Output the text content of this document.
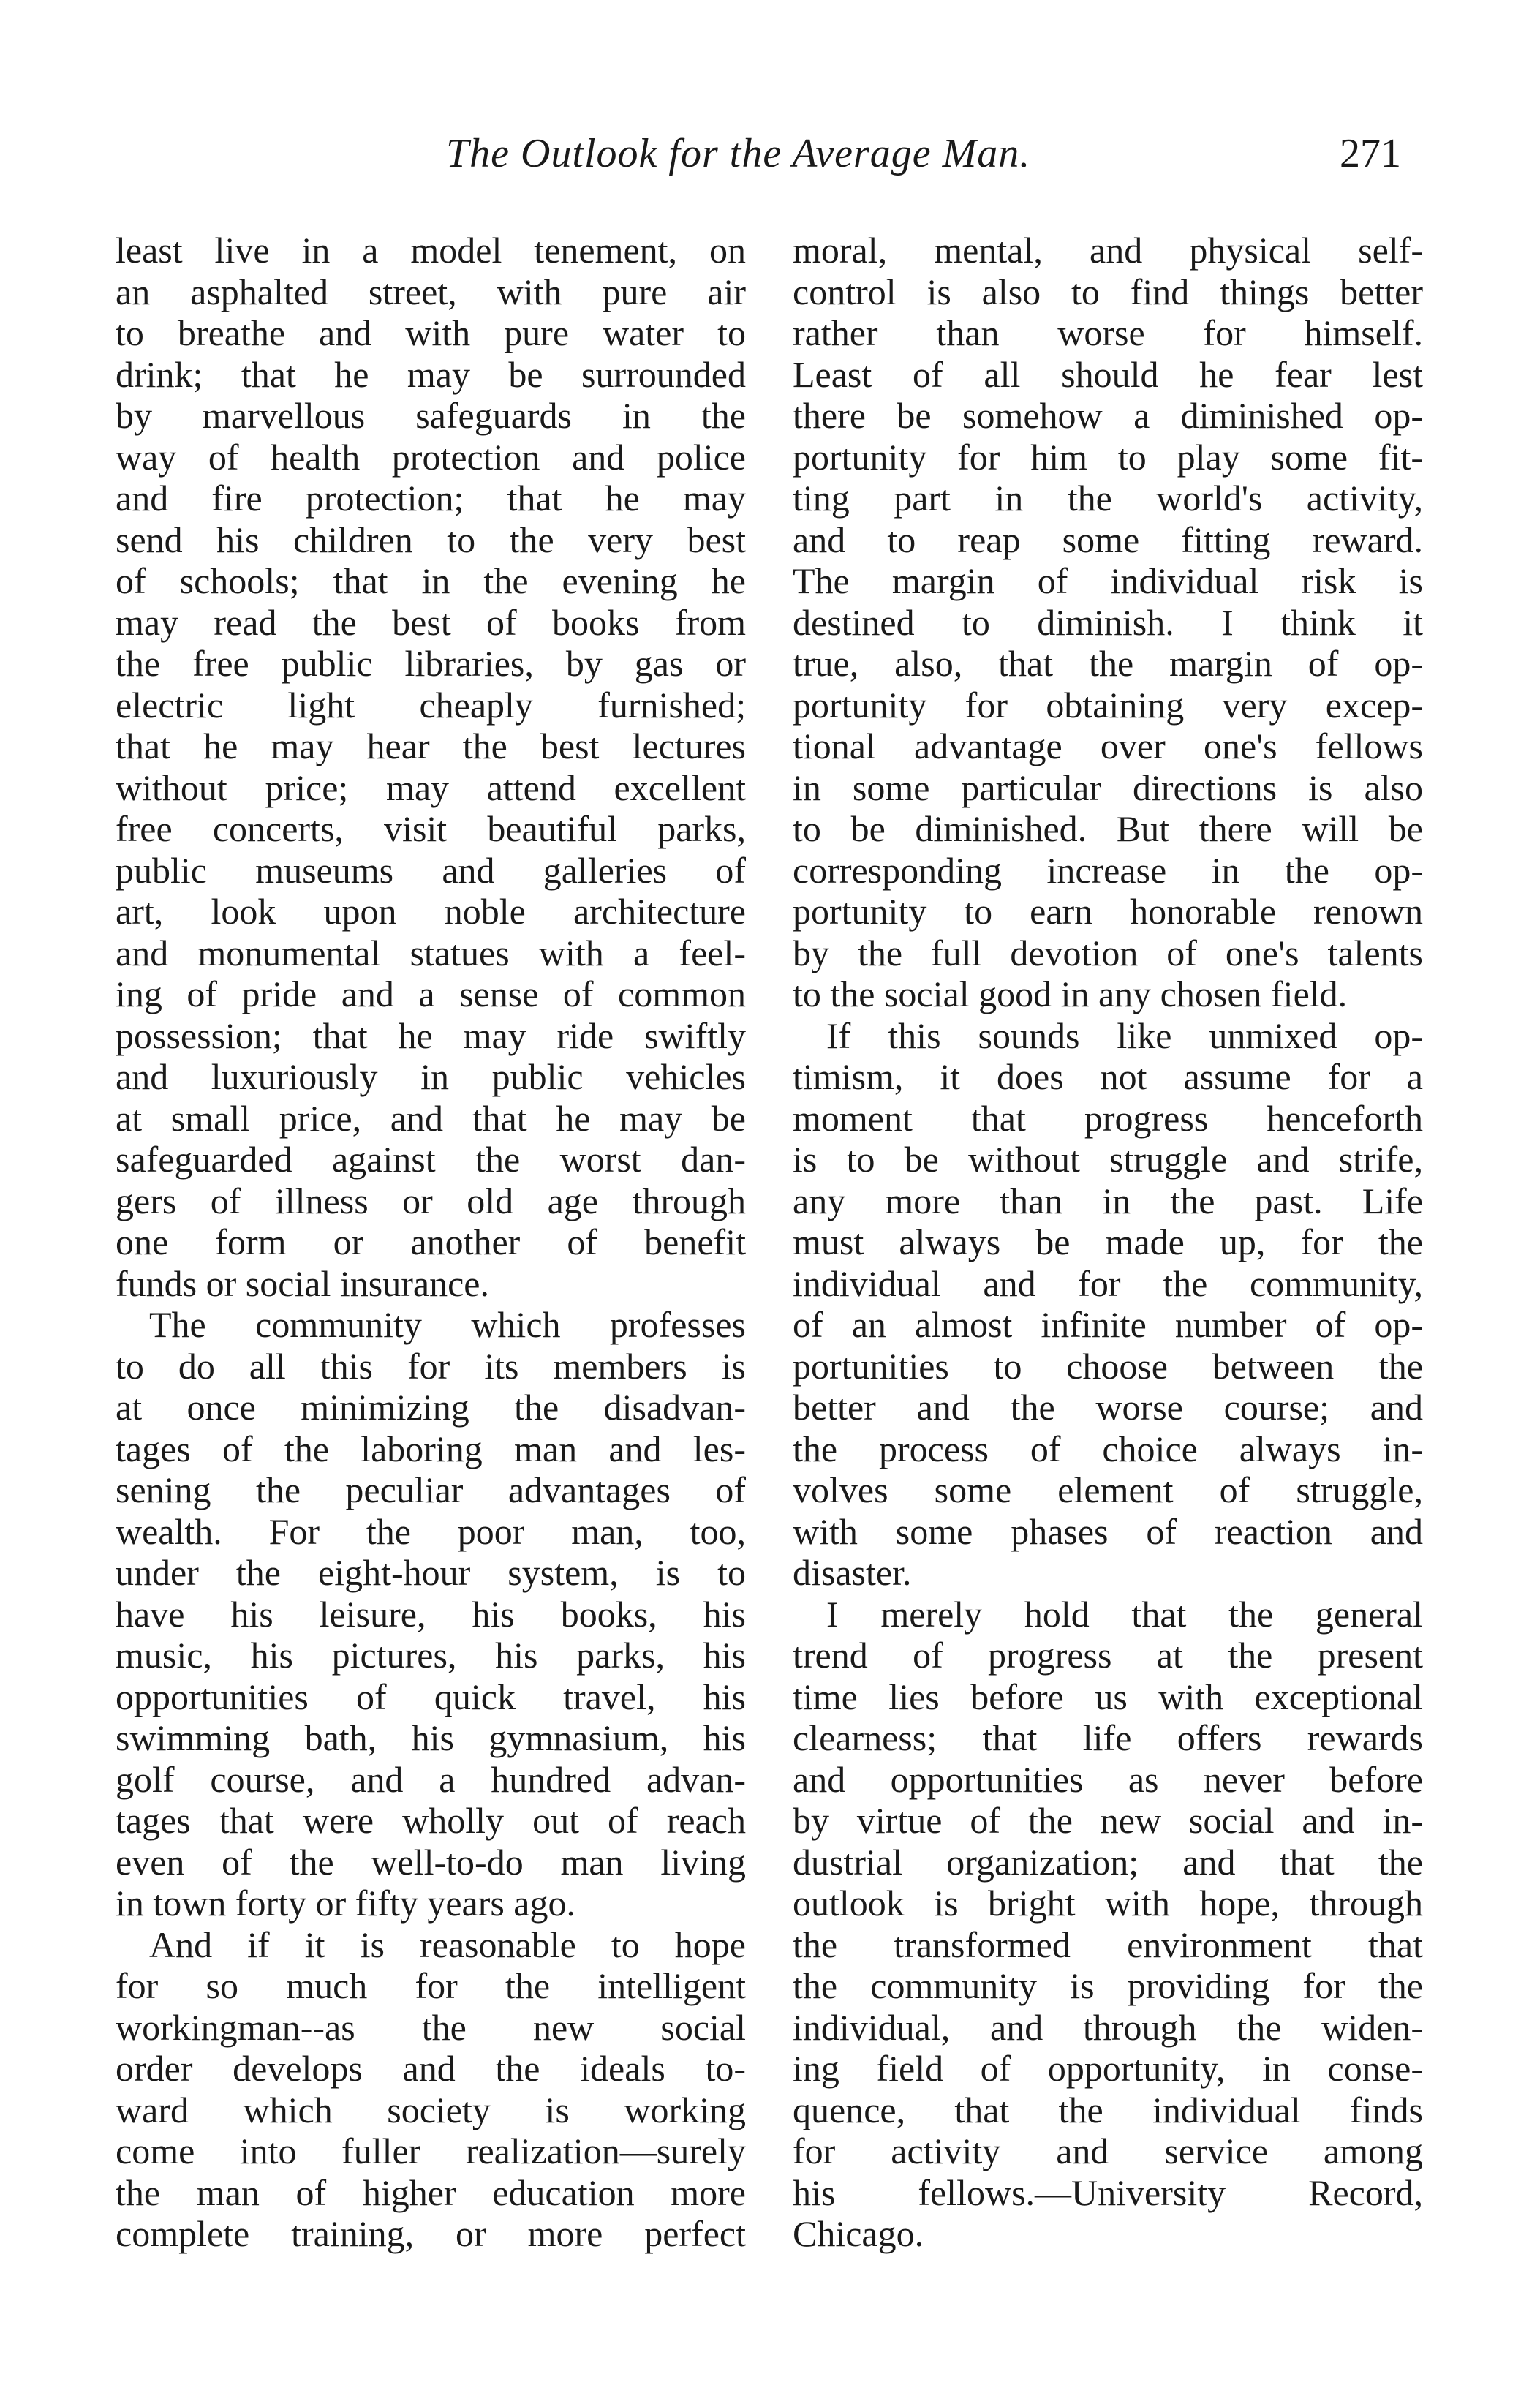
The Outlook for the Average Man.	271
least live in a model tenement, on
an asphalted street, with pure air
to breathe and with pure water to
drink; that he may be surrounded
by marvellous safeguards in the
way of health protection and police
and fire protection; that he may
send his children to the very best
of schools; that in the evening he
may read the best of books from
the free public libraries, by gas or
electric light cheaply furnished;
that he may hear the best lectures
without price; may attend excellent
free concerts, visit beautiful parks,
public museums and galleries of
art, look upon noble architecture
and monumental statues with a feel-
ing of pride and a sense of common
possession; that he may ride swiftly
and luxuriously in public vehicles
at small price, and that he may be
safeguarded against the worst dan-
gers of illness or old age through
one form or another of benefit
funds or social insurance.
The community which professes
to do all this for its members is
at once minimizing the disadvan-
tages of the laboring man and les-
sening the peculiar advantages of
wealth. For the poor man, too,
under the eight-hour system, is to
have his leisure, his books, his
music, his pictures, his parks, his
opportunities of quick travel, his
swimming bath, his gymnasium, his
golf course, and a hundred advan-
tages that were wholly out of reach
even of the well-to-do man living
in town forty or fifty years ago.
And if it is reasonable to hope
for so much for the intelligent
workingman--as the new social
order develops and the ideals to-
ward which society is working
come into fuller realization—surely
the man of higher education more
complete training, or more perfect
moral, mental, and physical self-
control is also to find things better
rather than worse for himself.
Least of all should he fear lest
there be somehow a diminished op-
portunity for him to play some fit-
ting part in the world's activity,
and to reap some fitting reward.
The margin of individual risk is
destined to diminish. I think it
true, also, that the margin of op-
portunity for obtaining very excep-
tional advantage over one's fellows
in some particular directions is also
to be diminished. But there will be
corresponding increase in the op-
portunity to earn honorable renown
by the full devotion of one's talents
to the social good in any chosen field.
If this sounds like unmixed op-
timism, it does not assume for a
moment that progress henceforth
is to be without struggle and strife,
any more than in the past. Life
must always be made up, for the
individual and for the community,
of an almost infinite number of op-
portunities to choose between the
better and the worse course; and
the process of choice always in-
volves some element of struggle,
with some phases of reaction and
disaster.
I merely hold that the general
trend of progress at the present
time lies before us with exceptional
clearness; that life offers rewards
and opportunities as never before
by virtue of the new social and in-
dustrial organization; and that the
outlook is bright with hope, through
the transformed environment that
the community is providing for the
individual, and through the widen-
ing field of opportunity, in conse-
quence, that the individual finds
for activity and service among
his fellows.—University Record,
Chicago.
